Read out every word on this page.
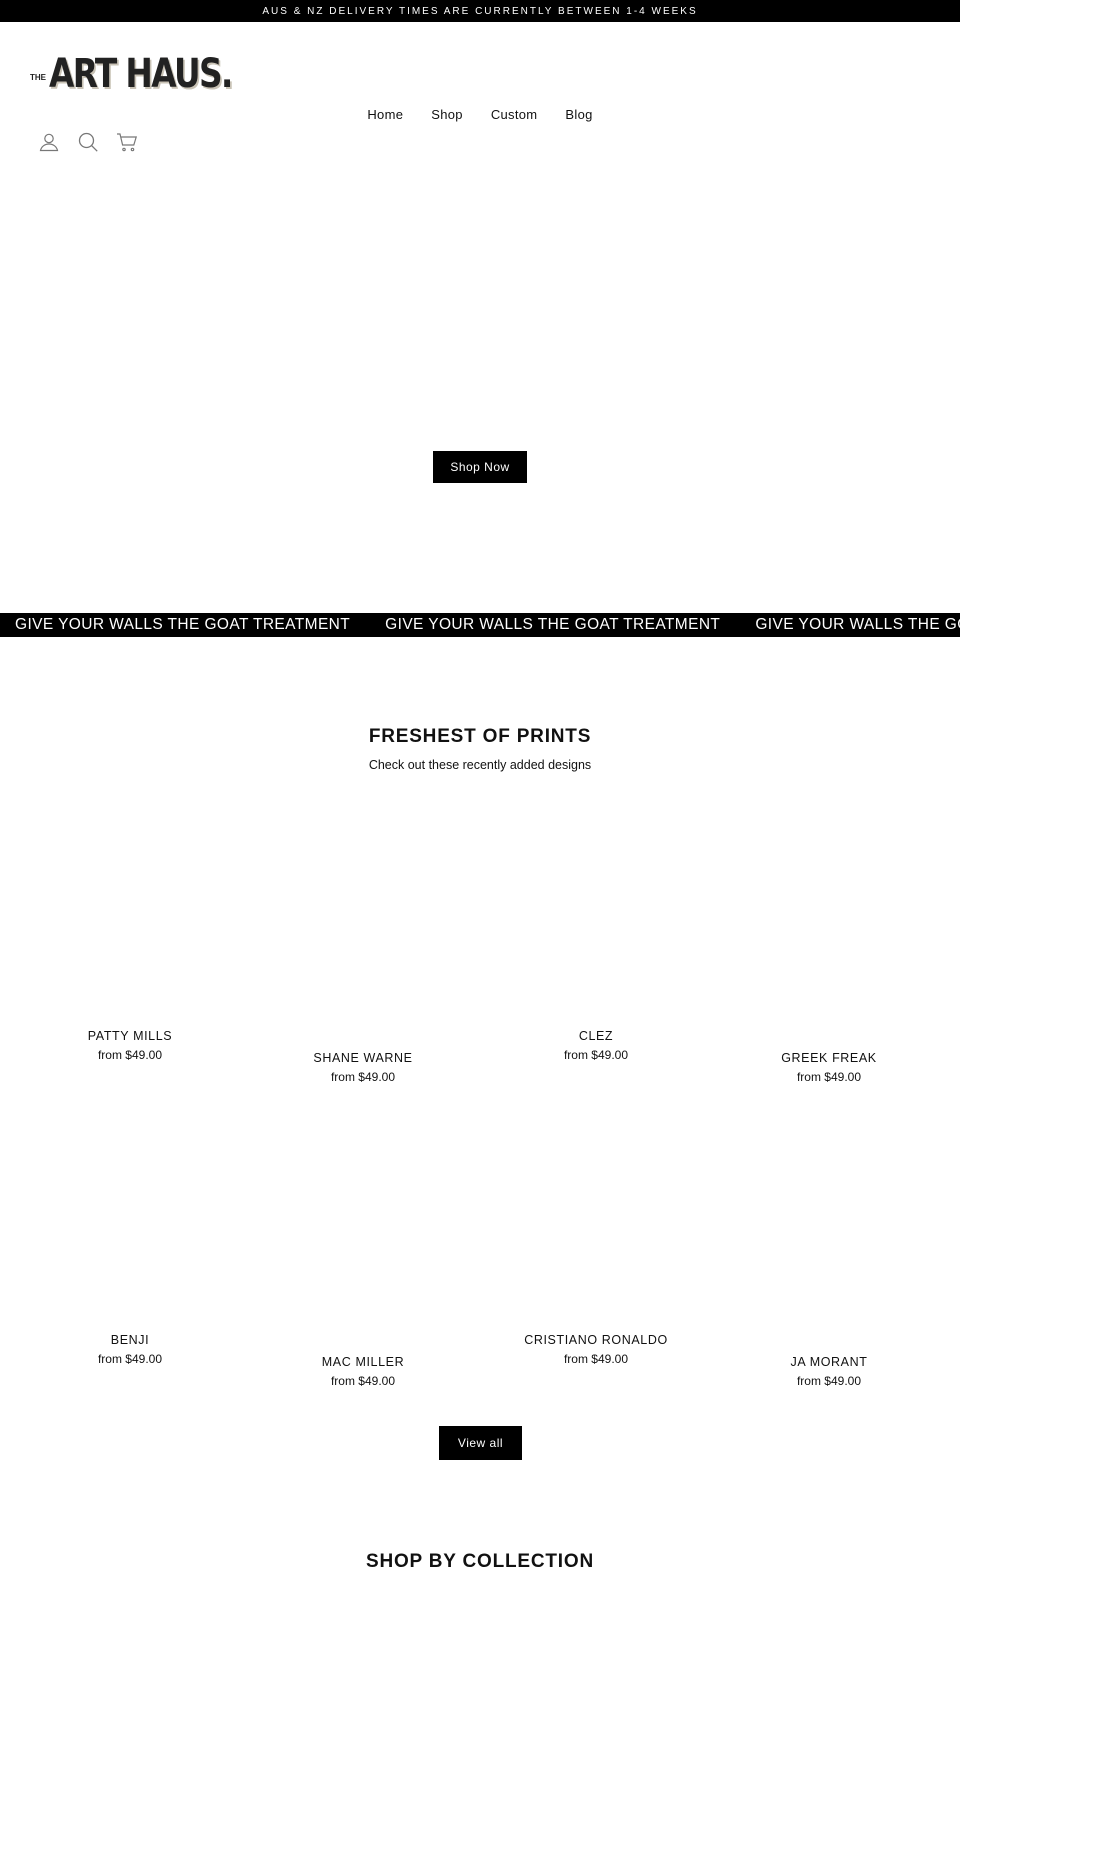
AUS & NZ DELIVERY TIMES ARE CURRENTLY BETWEEN 1-4 WEEKS
THE ART HAUS.
Home	Shop	Custom	Blog
Shop Now
GIVE YOUR WALLS THE GOAT TREATMENT	GIVE YOUR WALLS THE GOAT TREATMENT	GIVE YOUR WALLS THE GOAT TREATMENT
FRESHEST OF PRINTS

Check out these recently added designs

PATTY MILLS
from $49.00	SHANE WARNE
from $49.00
CLEZ
from $49.00	GREEK FREAK
from $49.00
BENJI
from $49.00	MAC MILLER
from $49.00
CRISTIANO RONALDO
from $49.00	JA MORANT
from $49.00
View all
SHOP BY COLLECTION
